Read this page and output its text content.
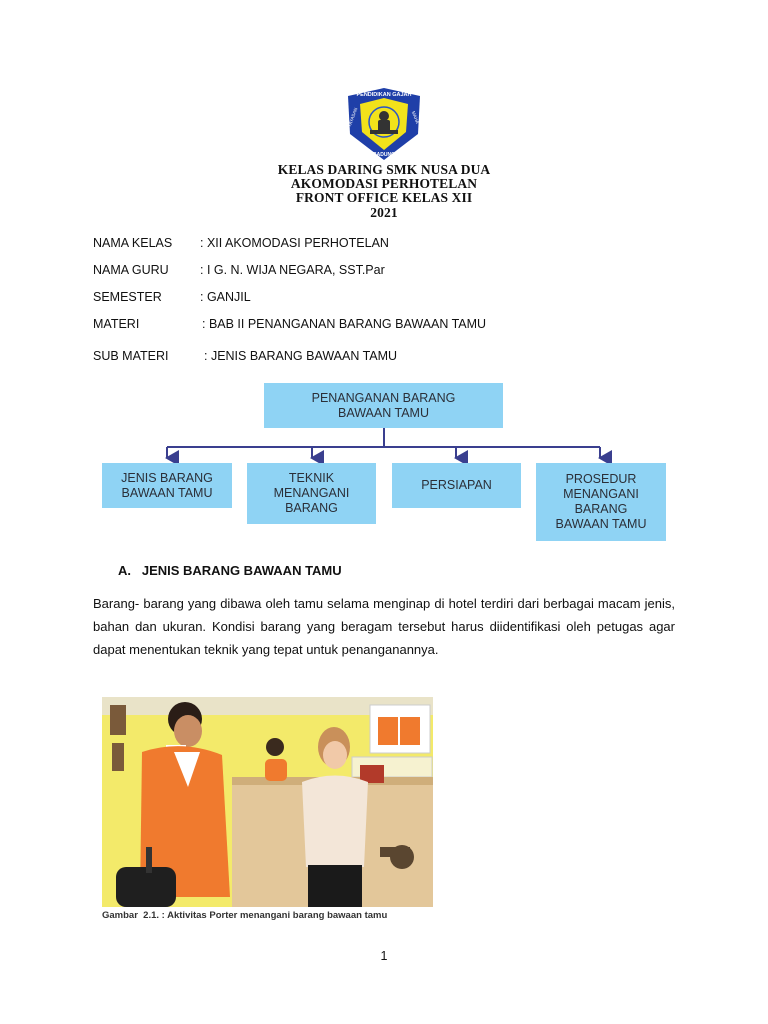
PENDIDIKAN GAJAH
YAYASAN	MAHA
BADUNG
KELAS DARING SMK NUSA DUA
AKOMODASI PERHOTELAN
FRONT OFFICE KELAS XII
2021
NAMA KELAS : XII AKOMODASI PERHOTELAN
NAMA GURU	: I G. N. WIJA NEGARA, SST.Par
SEMESTER	: GANJIL
MATERI	: BAB II PENANGANAN BARANG BAWAAN TAMU
SUB MATERI	: JENIS BARANG BAWAAN TAMU
PENANGANAN BARANG
BAWAAN TAMU
JENIS BARANG
BAWAAN TAMU
TEKNIK
MENANGANI
BARANG
PERSIAPAN	PROSEDUR
MENANGANI
BARANG
BAWAAN TAMU
A.   JENIS BARANG BAWAAN TAMU
Barang- barang yang dibawa oleh tamu selama menginap di hotel terdiri dari berbagai macam jenis, bahan dan ukuran. Kondisi barang yang beragam tersebut harus diidentifikasi oleh petugas agar dapat menentukan teknik yang tepat untuk penanganannya.
Gambar  2.1. : Aktivitas Porter menangani barang bawaan tamu
1
